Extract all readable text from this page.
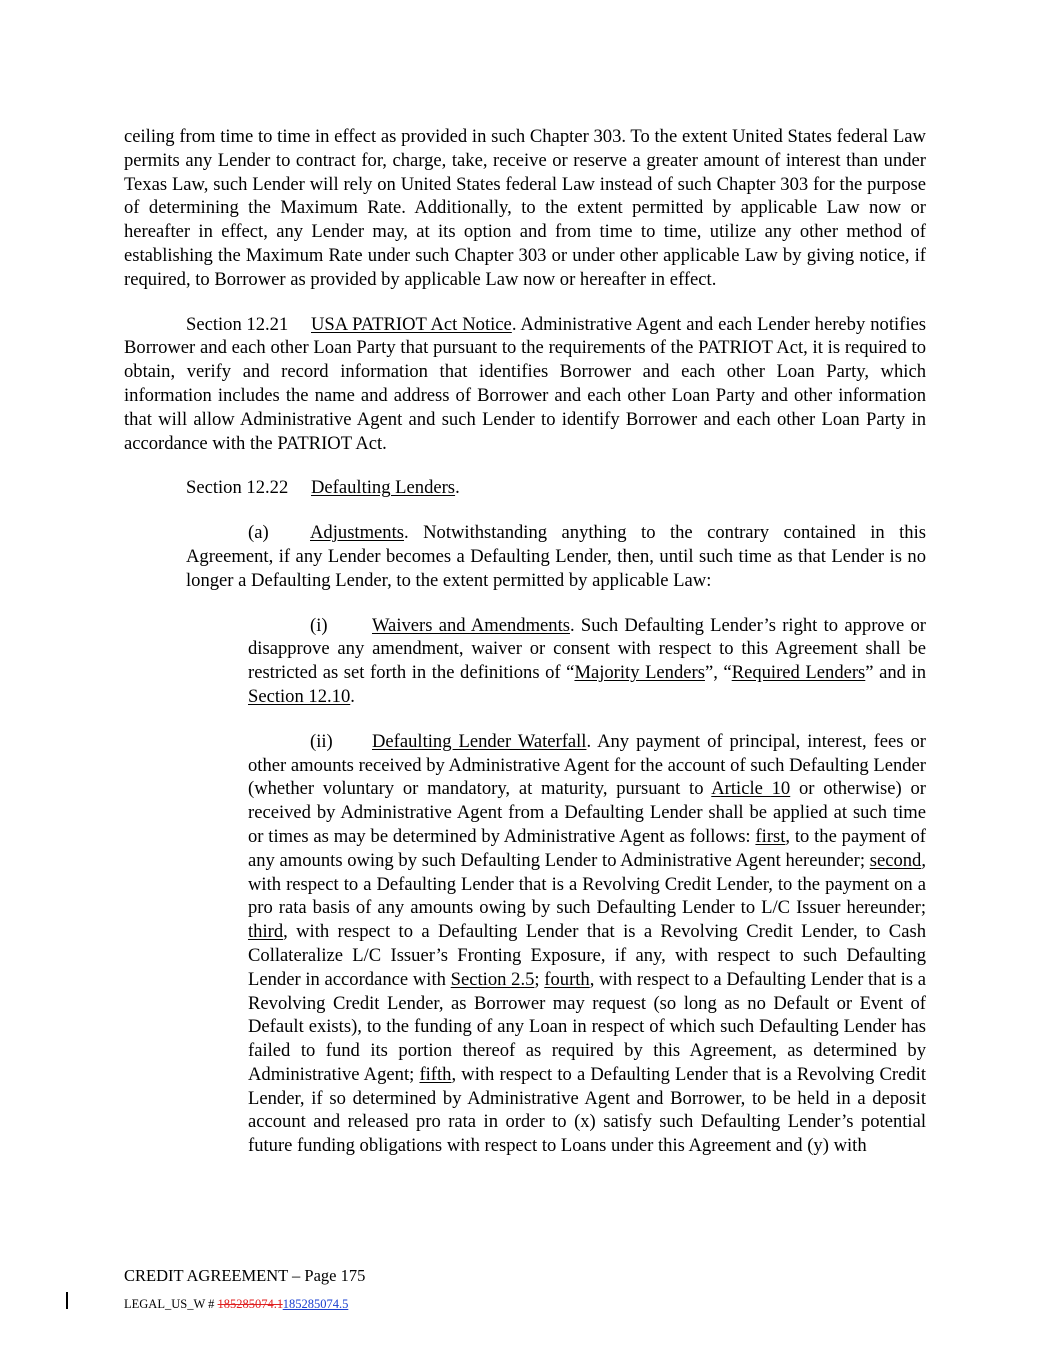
ceiling from time to time in effect as provided in such Chapter 303. To the extent United States federal Law permits any Lender to contract for, charge, take, receive or reserve a greater amount of interest than under Texas Law, such Lender will rely on United States federal Law instead of such Chapter 303 for the purpose of determining the Maximum Rate. Additionally, to the extent permitted by applicable Law now or hereafter in effect, any Lender may, at its option and from time to time, utilize any other method of establishing the Maximum Rate under such Chapter 303 or under other applicable Law by giving notice, if required, to Borrower as provided by applicable Law now or hereafter in effect.

Section 12.21 USA PATRIOT Act Notice. Administrative Agent and each Lender hereby notifies Borrower and each other Loan Party that pursuant to the requirements of the PATRIOT Act, it is required to obtain, verify and record information that identifies Borrower and each other Loan Party, which information includes the name and address of Borrower and each other Loan Party and other information that will allow Administrative Agent and such Lender to identify Borrower and each other Loan Party in accordance with the PATRIOT Act.

Section 12.22 Defaulting Lenders.

(a) Adjustments. Notwithstanding anything to the contrary contained in this Agreement, if any Lender becomes a Defaulting Lender, then, until such time as that Lender is no longer a Defaulting Lender, to the extent permitted by applicable Law:

(i) Waivers and Amendments. Such Defaulting Lender’s right to approve or disapprove any amendment, waiver or consent with respect to this Agreement shall be restricted as set forth in the definitions of “Majority Lenders”, “Required Lenders” and in Section 12.10.

(ii) Defaulting Lender Waterfall. Any payment of principal, interest, fees or other amounts received by Administrative Agent for the account of such Defaulting Lender (whether voluntary or mandatory, at maturity, pursuant to Article 10 or otherwise) or received by Administrative Agent from a Defaulting Lender shall be applied at such time or times as may be determined by Administrative Agent as follows: first, to the payment of any amounts owing by such Defaulting Lender to Administrative Agent hereunder; second, with respect to a Defaulting Lender that is a Revolving Credit Lender, to the payment on a pro rata basis of any amounts owing by such Defaulting Lender to L/C Issuer hereunder; third, with respect to a Defaulting Lender that is a Revolving Credit Lender, to Cash Collateralize L/C Issuer’s Fronting Exposure, if any, with respect to such Defaulting Lender in accordance with Section 2.5; fourth, with respect to a Defaulting Lender that is a Revolving Credit Lender, as Borrower may request (so long as no Default or Event of Default exists), to the funding of any Loan in respect of which such Defaulting Lender has failed to fund its portion thereof as required by this Agreement, as determined by Administrative Agent; fifth, with respect to a Defaulting Lender that is a Revolving Credit Lender, if so determined by Administrative Agent and Borrower, to be held in a deposit account and released pro rata in order to (x) satisfy such Defaulting Lender’s potential future funding obligations with respect to Loans under this Agreement and (y) with

CREDIT AGREEMENT – Page 175
LEGAL_US_W # 185285074.1185285074.5
